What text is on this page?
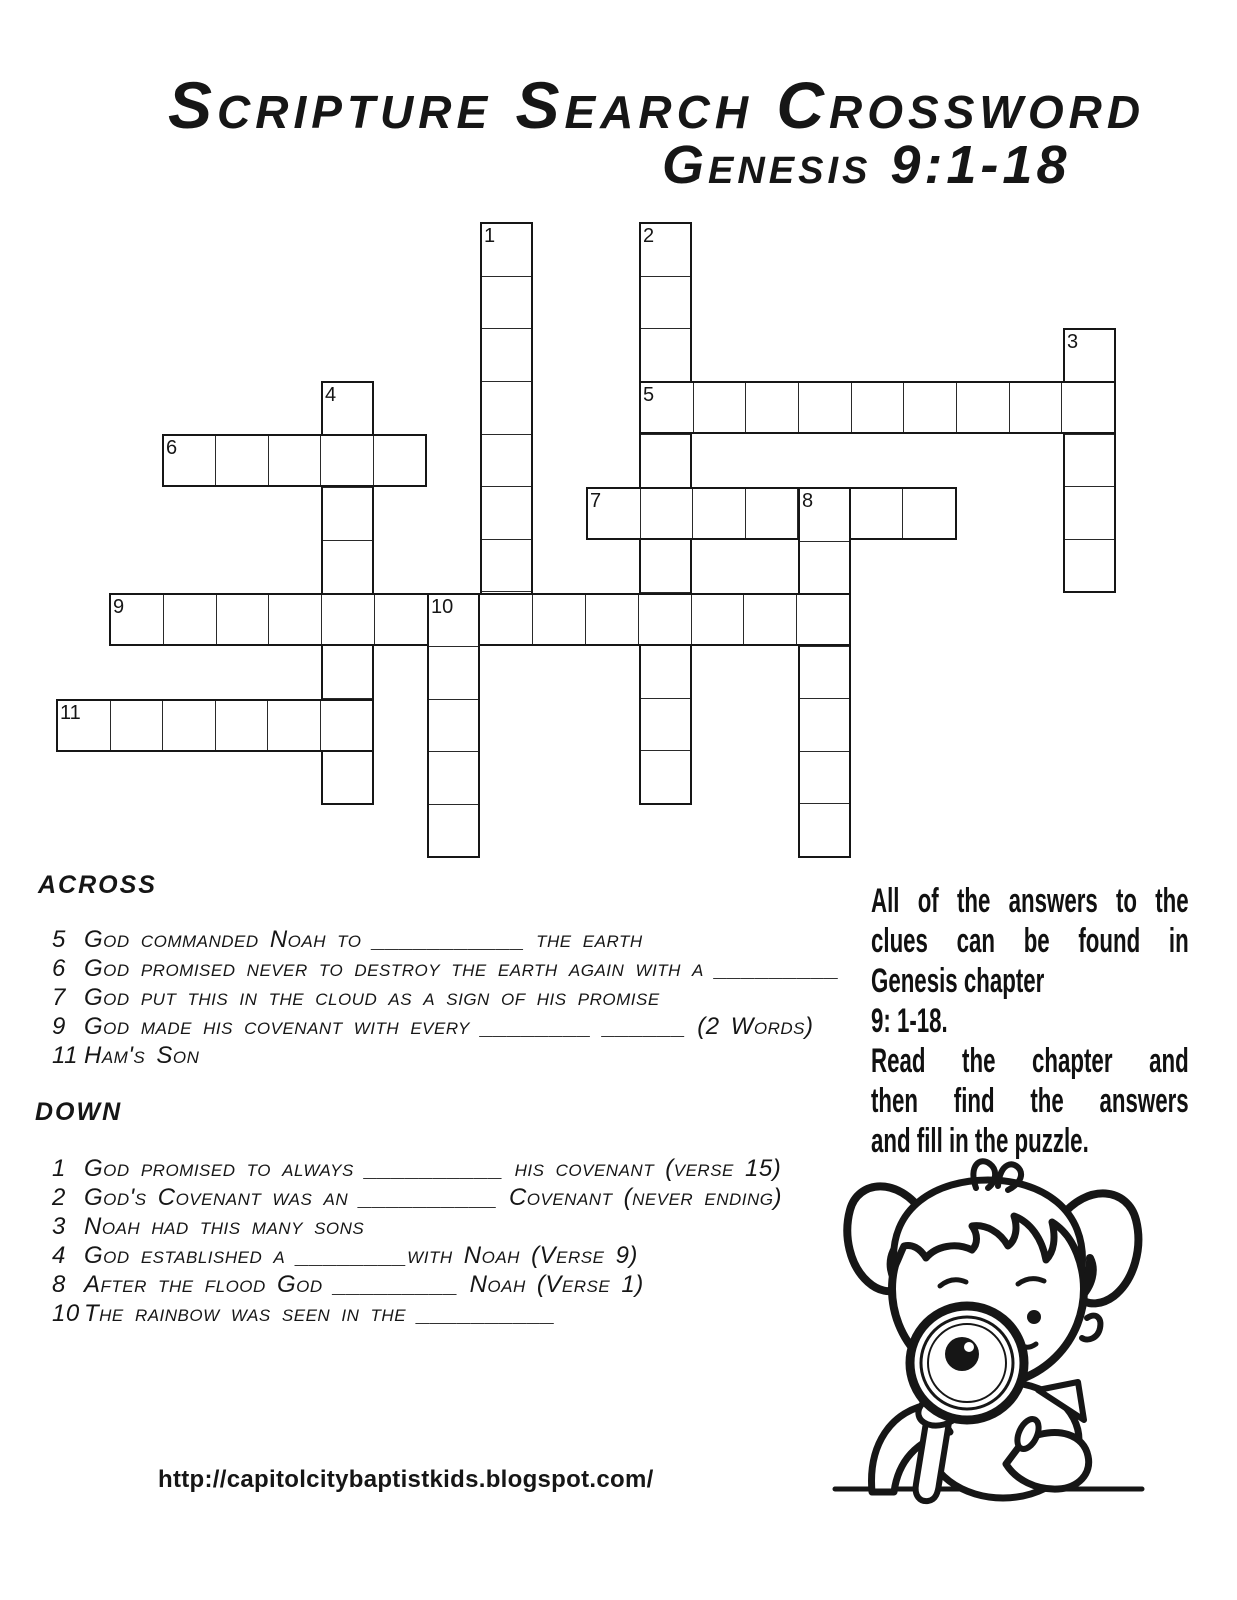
Scripture Search Crossword
Genesis 9:1-18
1	2
3
4	5
6
7	8
9	10
11
ACROSS
5 God commanded Noah to ___________ the earth
6 God promised never to destroy the earth again with a _________
7 God put this in the cloud as a sign of his promise
9 God made his covenant with every ________ ______ (2 Words)
11 Ham's Son
DOWN
1 God promised to always __________ his covenant (verse 15)
2 God's Covenant was an __________ Covenant (never ending)
3 Noah had this many sons
4 God established a ________with Noah (Verse 9)
8 After the flood God _________ Noah (Verse 1)
10 The rainbow was seen in the __________
All of the answers to the
clues can be found in
Genesis chapter
9: 1-18.
Read the chapter and
then find the answers
and fill in the puzzle.
http://capitolcitybaptistkids.blogspot.com/
